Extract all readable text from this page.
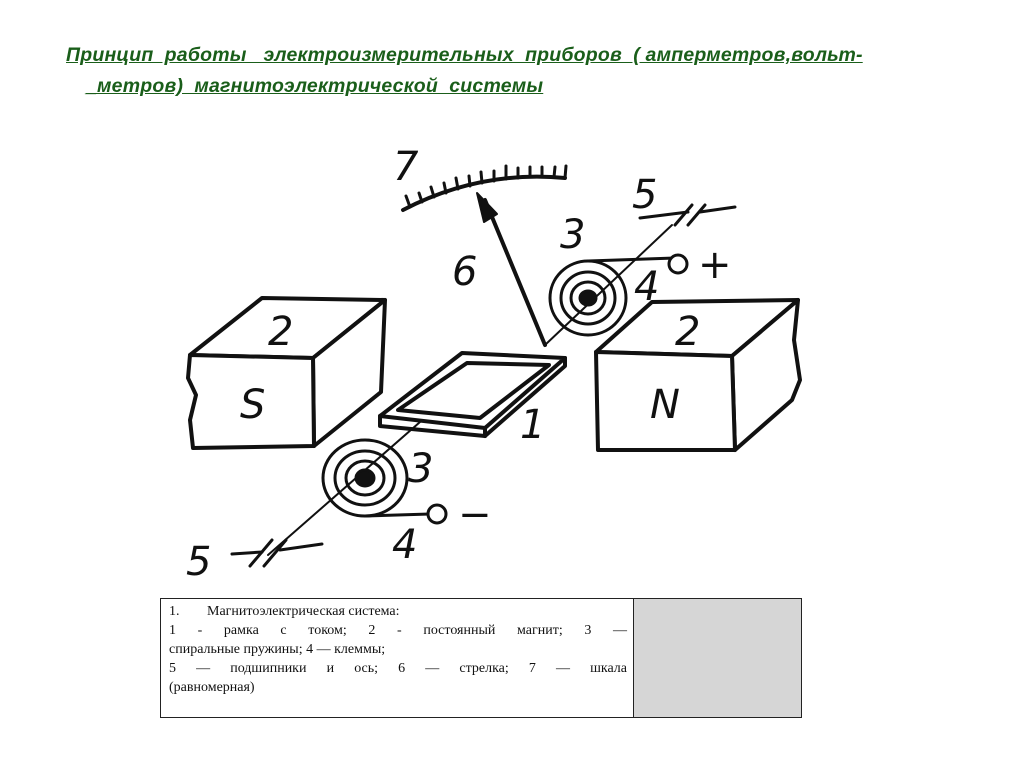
Принцип  работы   электроизмерительных  приборов  ( амперметров,вольт-
_метров)  магнитоэлектрической  системы
7
6
5
3
4 +
2
S
2
N
1
3
−
4
5
1. Магнитоэлектрическая система:
1 - рамка с током; 2 - постоянный магнит; 3 —
спиральные пружины; 4 — клеммы;
5 — подшипники и ось; 6 — стрелка; 7 — шкала
(равномерная)
